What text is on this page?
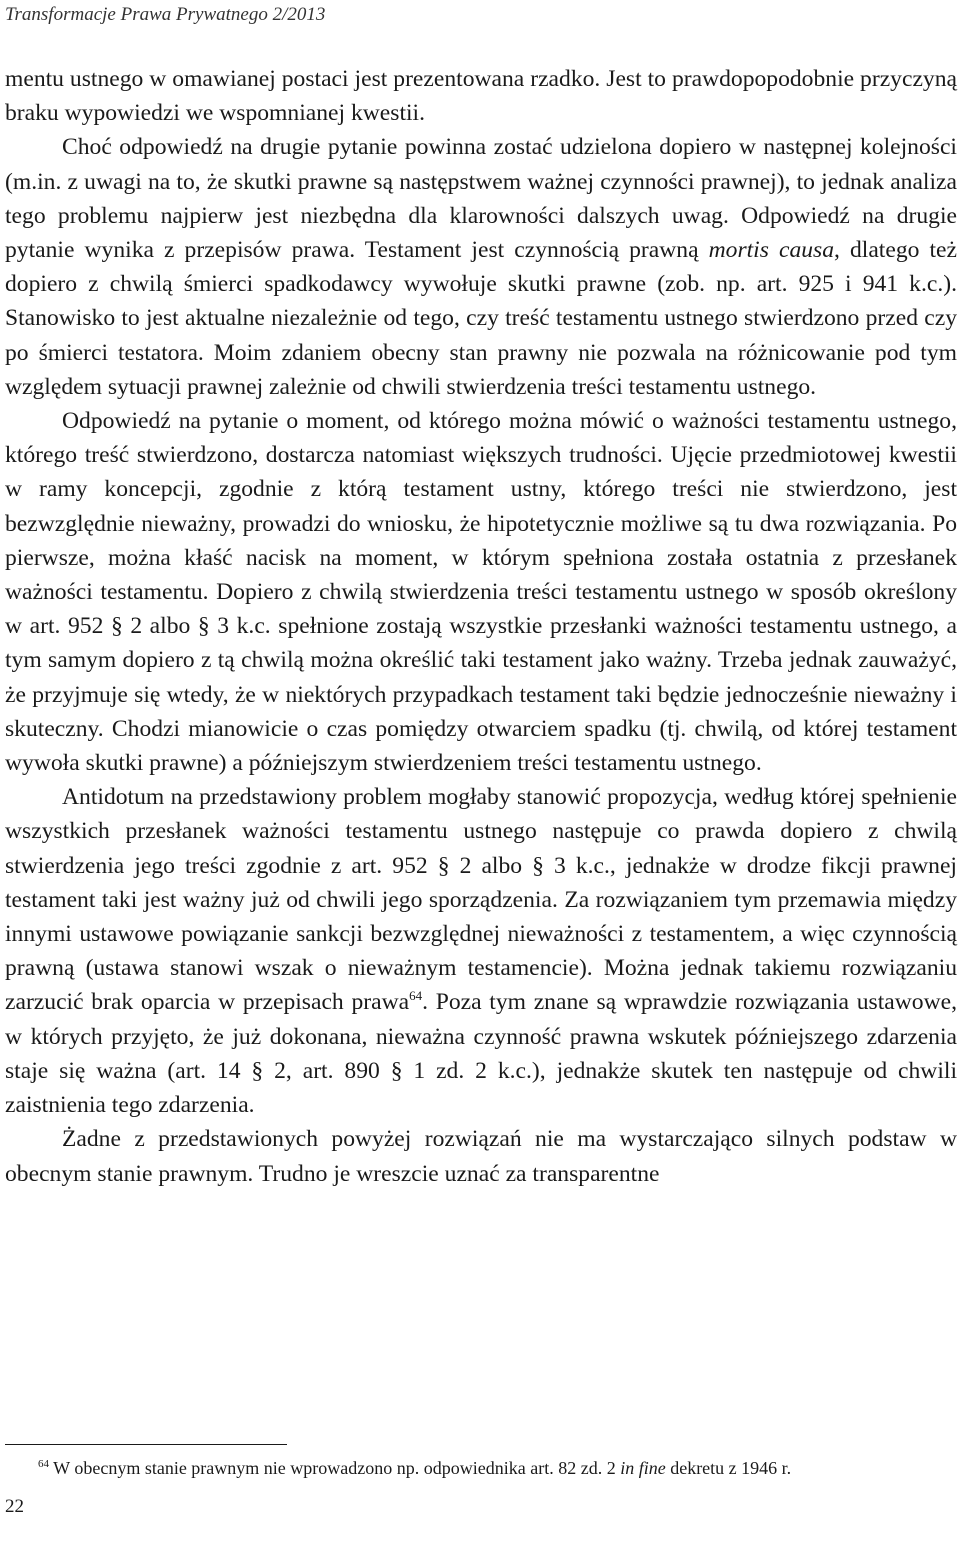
Transformacje Prawa Prywatnego 2/2013

mentu ustnego w omawianej postaci jest prezentowana rzadko. Jest to prawdopopodobnie przyczyną braku wypowiedzi we wspomnianej kwestii.

Choć odpowiedź na drugie pytanie powinna zostać udzielona dopiero w następnej kolejności (m.in. z uwagi na to, że skutki prawne są następstwem ważnej czynności prawnej), to jednak analiza tego problemu najpierw jest niezbędna dla klarowności dalszych uwag. Odpowiedź na drugie pytanie wynika z przepisów prawa. Testament jest czynnością prawną mortis causa, dlatego też dopiero z chwilą śmierci spadkodawcy wywołuje skutki prawne (zob. np. art. 925 i 941 k.c.). Stanowisko to jest aktualne niezależnie od tego, czy treść testamentu ustnego stwierdzono przed czy po śmierci testatora. Moim zdaniem obecny stan prawny nie pozwala na różnicowanie pod tym względem sytuacji prawnej zależnie od chwili stwierdzenia treści testamentu ustnego.

Odpowiedź na pytanie o moment, od którego można mówić o ważności testamentu ustnego, którego treść stwierdzono, dostarcza natomiast większych trudności. Ujęcie przedmiotowej kwestii w ramy koncepcji, zgodnie z którą testament ustny, którego treści nie stwierdzono, jest bezwzględnie nieważny, prowadzi do wniosku, że hipotetycznie możliwe są tu dwa rozwiązania. Po pierwsze, można kłaść nacisk na moment, w którym spełniona została ostatnia z przesłanek ważności testamentu. Dopiero z chwilą stwierdzenia treści testamentu ustnego w sposób określony w art. 952 § 2 albo § 3 k.c. spełnione zostają wszystkie przesłanki ważności testamentu ustnego, a tym samym dopiero z tą chwilą można określić taki testament jako ważny. Trzeba jednak zauważyć, że przyjmuje się wtedy, że w niektórych przypadkach testament taki będzie jednocześnie nieważny i skuteczny. Chodzi mianowicie o czas pomiędzy otwarciem spadku (tj. chwilą, od której testament wywoła skutki prawne) a późniejszym stwierdzeniem treści testamentu ustnego.

Antidotum na przedstawiony problem mogłaby stanowić propozycja, według której spełnienie wszystkich przesłanek ważności testamentu ustnego następuje co prawda dopiero z chwilą stwierdzenia jego treści zgodnie z art. 952 § 2 albo § 3 k.c., jednakże w drodze fikcji prawnej testament taki jest ważny już od chwili jego sporządzenia. Za rozwiązaniem tym przemawia między innymi ustawowe powiązanie sankcji bezwzględnej nieważności z testamentem, a więc czynnością prawną (ustawa stanowi wszak o nieważnym testamencie). Można jednak takiemu rozwiązaniu zarzucić brak oparcia w przepisach prawa$^{64}$. Poza tym znane są wprawdzie rozwiązania ustawowe, w których przyjęto, że już dokonana, nieważna czynność prawna wskutek późniejszego zdarzenia staje się ważna (art. 14 § 2, art. 890 § 1 zd. 2 k.c.), jednakże skutek ten następuje od chwili zaistnienia tego zdarzenia.

Żadne z przedstawionych powyżej rozwiązań nie ma wystarczająco silnych podstaw w obecnym stanie prawnym. Trudno je wreszcie uznać za transparentne

$^{64}$ W obecnym stanie prawnym nie wprowadzono np. odpowiednika art. 82 zd. 2 in fine dekretu z 1946 r.
22
